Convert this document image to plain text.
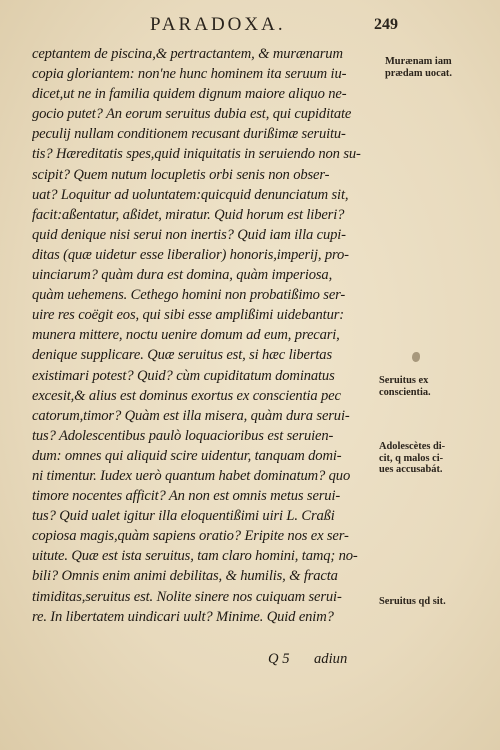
PARADOXA.	249
ceptantem de piscina,& pertractantem, & murænarum
copia gloriantem: non'ne hunc hominem ita seruum iu-
dicet,ut ne in familia quidem dignum maiore aliquo ne-
gocio putet? An eorum seruitus dubia est, qui cupiditate
peculij nullam conditionem recusant durißimæ seruitu-
tis? Hæreditatis spes,quid iniquitatis in seruiendo non su-
scipit? Quem nutum locupletis orbi senis non obser-
uat? Loquitur ad uoluntatem:quicquid denunciatum sit,
facit:aßentatur, aßidet, miratur. Quid horum est liberi?
quid denique nisi serui non inertis? Quid iam illa cupi-
ditas (quæ uidetur esse liberalior) honoris,imperij, pro-
uinciarum? quàm dura est domina, quàm imperiosa,
quàm uehemens. Cethego homini non probatißimo ser-
uire res coëgit eos, qui sibi esse amplißimi uidebantur:
munera mittere, noctu uenire domum ad eum, precari,
denique supplicare. Quæ seruitus est, si hæc libertas
existimari potest? Quid? cùm cupiditatum dominatus
excesit,& alius est dominus exortus ex conscientia pec
catorum,timor? Quàm est illa misera, quàm dura serui-
tus? Adolescentibus paulò loquacioribus est seruien-
dum: omnes qui aliquid scire uidentur, tanquam domi-
ni timentur. Iudex uerò quantum habet dominatum? quo
timore nocentes afficit? An non est omnis metus serui-
tus? Quid ualet igitur illa eloquentißimi uiri L. Craßi
copiosa magis,quàm sapiens oratio? Eripite nos ex ser-
uitute. Quæ est ista seruitus, tam claro homini, tamq; no-
bili? Omnis enim animi debilitas, & humilis, & fracta
timiditas,seruitus est. Nolite sinere nos cuiquam serui-
re. In libertatem uindicari uult? Minime. Quid enim?
Q 5 adiun
Murænam iam
prædam uocat.
Seruitus ex
conscientia.
Adolescètes di-
cit, q malos ci-
ues accusabát.
Seruitus qd sit.
